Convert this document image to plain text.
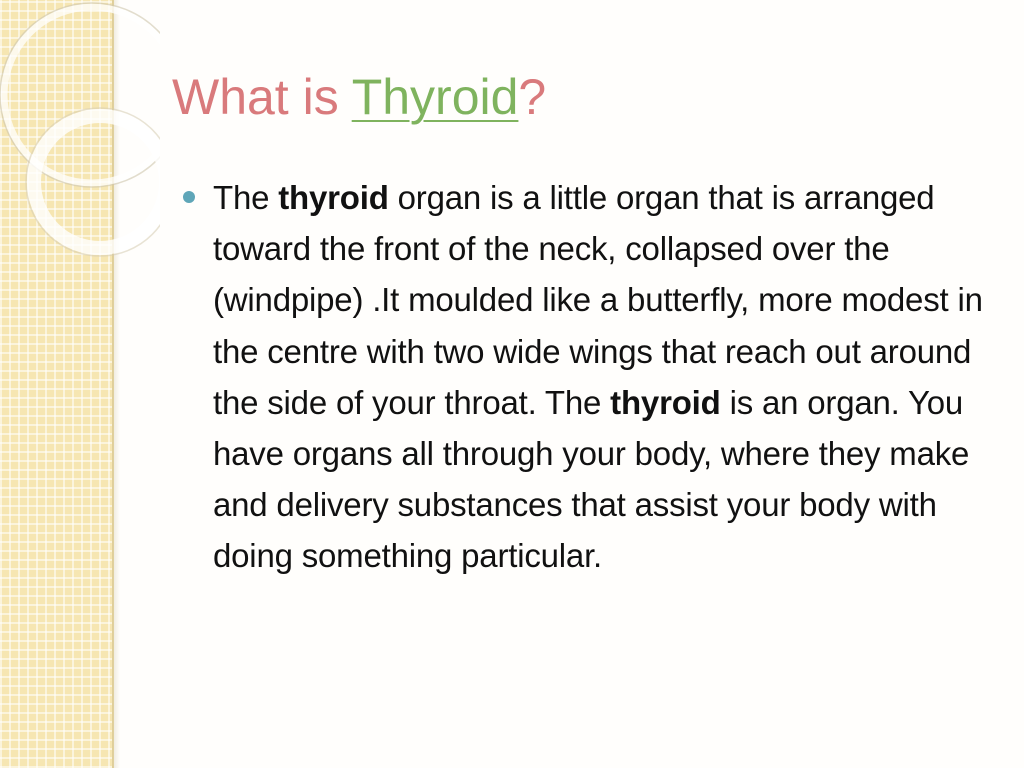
What is Thyroid?

The thyroid organ is a little organ that is arranged toward the front of the neck, collapsed over the (windpipe) .It moulded like a butterfly, more modest in the centre with two wide wings that reach out around the side of your throat. The thyroid is an organ. You have organs all through your body, where they make and delivery substances that assist your body with doing something particular.
